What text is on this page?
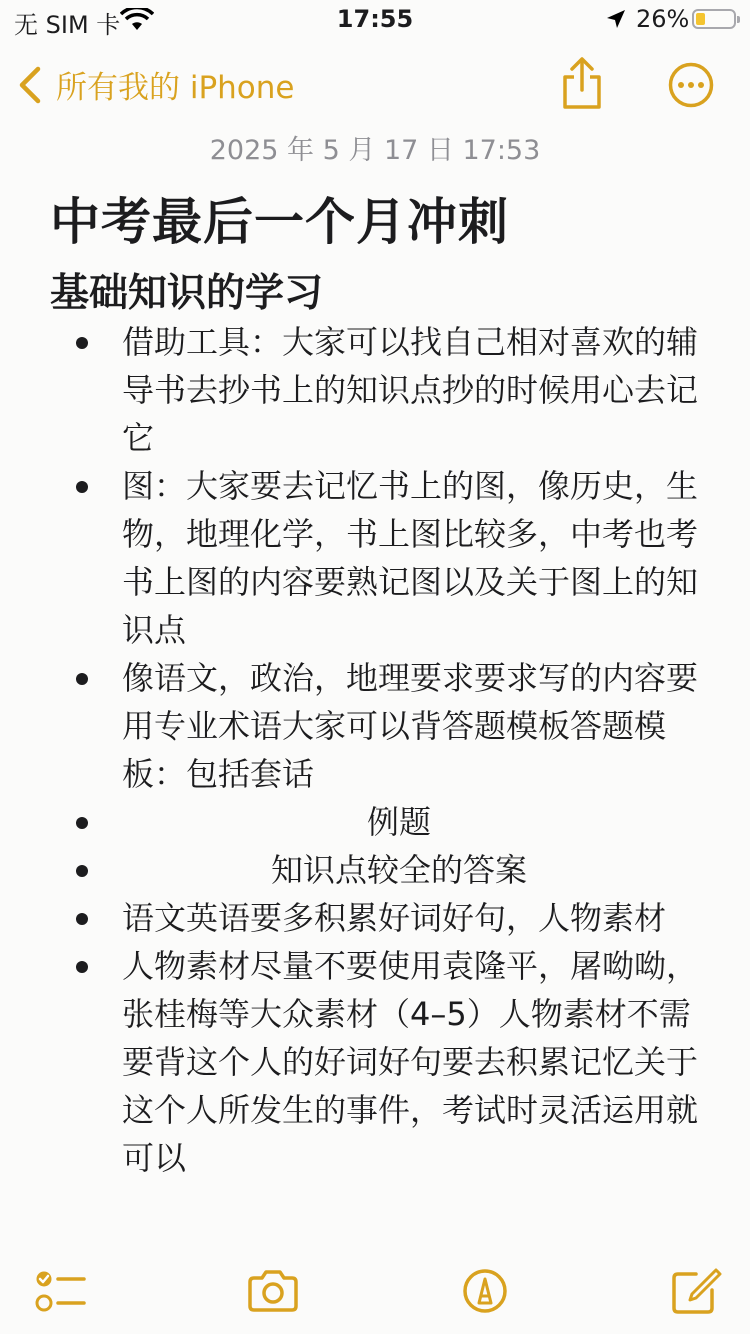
无 SIM 卡	17:55	26%
所有我的 iPhone
2025 年 5 月 17 日 17:53
中考最后一个月冲刺
基础知识的学习
借助工具：大家可以找自己相对喜欢的辅导书去抄书上的知识点抄的时候用心去记它
图：大家要去记忆书上的图，像历史，生物，地理化学，书上图比较多，中考也考书上图的内容要熟记图以及关于图上的知识点
像语文，政治，地理要求要求写的内容要用专业术语大家可以背答题模板答题模板：包括套话
例题
知识点较全的答案
语文英语要多积累好词好句，人物素材
人物素材尽量不要使用袁隆平，屠呦呦，张桂梅等大众素材（4–5）人物素材不需要背这个人的好词好句要去积累记忆关于这个人所发生的事件，考试时灵活运用就可以
